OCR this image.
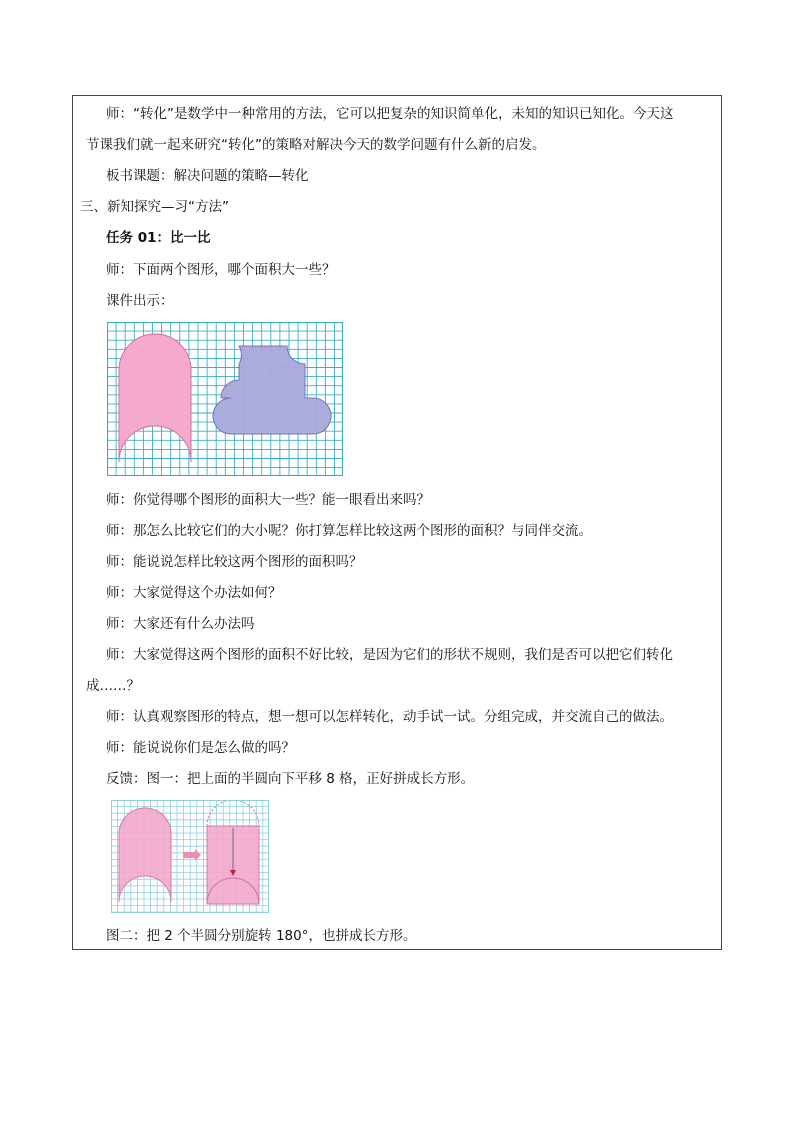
师：“转化”是数学中一种常用的方法，它可以把复杂的知识简单化，未知的知识已知化。今天这
节课我们就一起来研究“转化”的策略对解决今天的数学问题有什么新的启发。
板书课题：解决问题的策略—转化
三、新知探究—习“方法”
任务 01：比一比
师：下面两个图形，哪个面积大一些？
课件出示：
师：你觉得哪个图形的面积大一些？能一眼看出来吗？
师：那怎么比较它们的大小呢？你打算怎样比较这两个图形的面积？与同伴交流。
师：能说说怎样比较这两个图形的面积吗？
师：大家觉得这个办法如何？
师：大家还有什么办法吗
师：大家觉得这两个图形的面积不好比较，是因为它们的形状不规则，我们是否可以把它们转化
成……？
师：认真观察图形的特点，想一想可以怎样转化，动手试一试。分组完成，并交流自己的做法。
师：能说说你们是怎么做的吗？
反馈：图一：把上面的半圆向下平移 8 格，正好拼成长方形。
图二：把 2 个半圆分别旋转 180°，也拼成长方形。
